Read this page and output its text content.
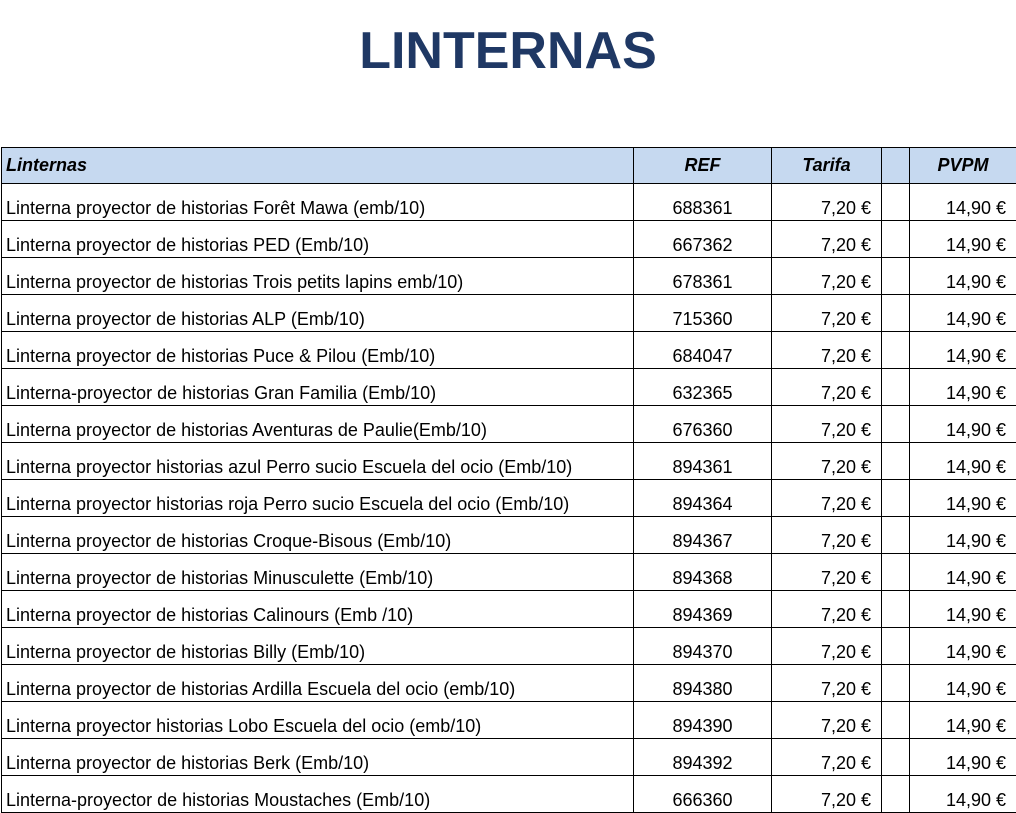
LINTERNAS
Linternas	REF	Tarifa		PVPM
Linterna proyector de historias Forêt Mawa (emb/10)	688361	7,20 €		14,90 €
Linterna proyector de historias PED (Emb/10)	667362	7,20 €		14,90 €
Linterna proyector de historias Trois petits lapins emb/10)	678361	7,20 €		14,90 €
Linterna proyector de historias ALP (Emb/10)	715360	7,20 €		14,90 €
Linterna proyector de historias Puce & Pilou (Emb/10)	684047	7,20 €		14,90 €
Linterna-proyector de historias Gran Familia (Emb/10)	632365	7,20 €		14,90 €
Linterna proyector de historias Aventuras de Paulie(Emb/10)	676360	7,20 €		14,90 €
Linterna proyector historias azul Perro sucio Escuela del ocio (Emb/10)	894361	7,20 €		14,90 €
Linterna proyector historias roja Perro sucio Escuela del ocio (Emb/10)	894364	7,20 €		14,90 €
Linterna proyector de historias Croque-Bisous (Emb/10)	894367	7,20 €		14,90 €
Linterna proyector de historias Minusculette (Emb/10)	894368	7,20 €		14,90 €
Linterna proyector de historias Calinours (Emb /10)	894369	7,20 €		14,90 €
Linterna proyector de historias Billy (Emb/10)	894370	7,20 €		14,90 €
Linterna proyector de historias Ardilla Escuela del ocio (emb/10)	894380	7,20 €		14,90 €
Linterna proyector historias Lobo Escuela del ocio (emb/10)	894390	7,20 €		14,90 €
Linterna proyector de historias Berk (Emb/10)	894392	7,20 €		14,90 €
Linterna-proyector de historias Moustaches (Emb/10)	666360	7,20 €		14,90 €
